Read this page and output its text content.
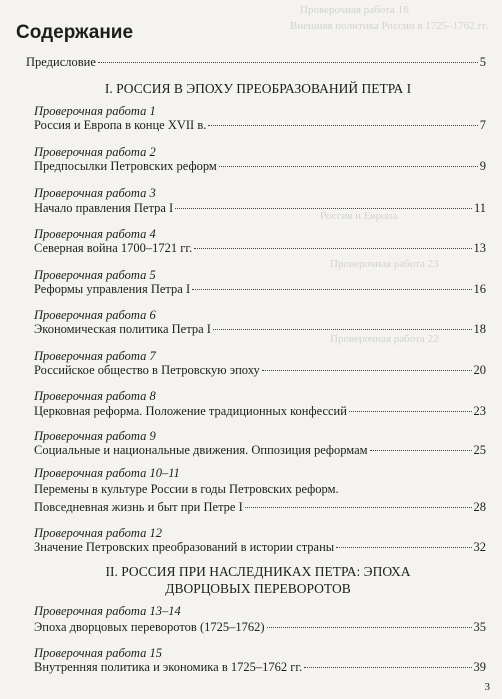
Проверочная работа 16
Внешняя политика России в 1725–1762 гг.
Россия и Европа
Проверочная работа 23
Проверочная работа 22
Содержание
Предисловие	5
I. РОССИЯ В ЭПОХУ ПРЕОБРАЗОВАНИЙ ПЕТРА I
Проверочная работа 1
Россия и Европа в конце XVII в.	7
Проверочная работа 2
Предпосылки Петровских реформ	9
Проверочная работа 3
Начало правления Петра I	11
Проверочная работа 4
Северная война 1700–1721 гг.	13
Проверочная работа 5
Реформы управления Петра I	16
Проверочная работа 6
Экономическая политика Петра I	18
Проверочная работа 7
Российское общество в Петровскую эпоху	20
Проверочная работа 8
Церковная реформа. Положение традиционных конфессий	23
Проверочная работа 9
Социальные и национальные движения. Оппозиция реформам	25
Проверочная работа 10–11
Перемены в культуре России в годы Петровских реформ.
Повседневная жизнь и быт при Петре I	28
Проверочная работа 12
Значение Петровских преобразований в истории страны	32
II. РОССИЯ ПРИ НАСЛЕДНИКАХ ПЕТРА: ЭПОХА
ДВОРЦОВЫХ ПЕРЕВОРОТОВ
Проверочная работа 13–14
Эпоха дворцовых переворотов (1725–1762)	35
Проверочная работа 15
Внутренняя политика и экономика в 1725–1762 гг.	39
3
